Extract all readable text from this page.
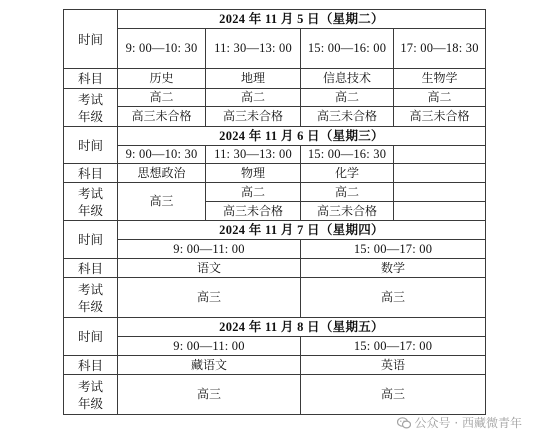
时间	2024 年 11 月 5 日（星期二）			
	9: 00—10: 30	11: 30—13: 00	15: 00—16: 00	17: 00—18: 30
科目	历史	地理	信息技术	生物学

考试
年级	高二	高二	高二	高二
	高三未合格	高三未合格	高三未合格	高三未合格
时间	2024 年 11 月 6 日（星期三）			
	9: 00—10: 30	11: 30—13: 00	15: 00—16: 30	
科目	思想政治	物理	化学	

考试
年级	高三	高二	高二	
		高三未合格	高三未合格	
时间	2024 年 11 月 7 日（星期四）			
	9: 00—11: 00		15: 00—17: 00	
科目	语文		数学	

考试
年级	高三		高三	
时间	2024 年 11 月 8 日（星期五）			
	9: 00—11: 00		15: 00—17: 00	
科目	藏语文		英语	

考试
年级	高三		高三	
公众号 · 西藏微青年
